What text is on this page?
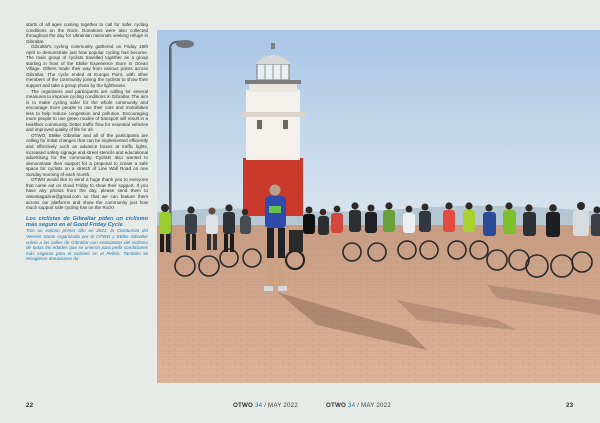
starts of all ages coming together to call for safer cycling conditions on the Rock. Donations were also collected throughout the day for Ukrainian nationals seeking refuge in Gibraltar.

Gibraltar's cycling community gathered on Friday 15th April to demonstrate just how popular cycling has become. The main group of cyclists travelled together as a group starting in front of the EBike Experience Store in Ocean Village. Others made their way from various points across Gibraltar. The cycle ended at Europa Point, with other members of the community joining the cyclists to show their support and take a group photo by the lighthouse.

The organisers and participants are calling for several measures to improve cycling conditions in Gibraltar. The aim is to make cycling safer for the whole community and encourage more people to use their cars and motorbikes less to help reduce congestion and pollution. Encouraging more people to use green modes of transport will result in a healthier community, better traffic flow for essential vehicles and improved quality of life for all.

OTWO, EBike Gibraltar and all of the participants are calling for initial changes that can be implemented efficiently and effectively such as advance boxes at traffic lights, increased safety signage and street stencils and educational advertising for the community. Cyclists also wanted to demonstrate their support for a proposal to create a safe space for cyclists on a stretch of Line Wall Road on one Sunday morning of each month.

OTWO would like to send a huge thank you to everyone that came out on Good Friday to show their support. If you have any photos from the day, please send them to otwomagazine@gmail.com so that we can feature them across our platforms and show the community just how much support safe cycling has on the Rock!

Los ciclistas de Gibraltar piden un ciclismo más seguro en el Good Friday Cycle

Tras un exitoso primer año en 2021, la Cicloturista del Viernes Santo organizada por la OTWO y EBike Gibraltar volvió a las calles de Gibraltar con entusiastas del ciclismo de todas las edades que se unieron para pedir condiciones más seguras para el ciclismo en el Peñón. También se recogieron donaciones du-

22	OTWO 34 / MAY 2022	OTWO 34 / MAY 2022	23
